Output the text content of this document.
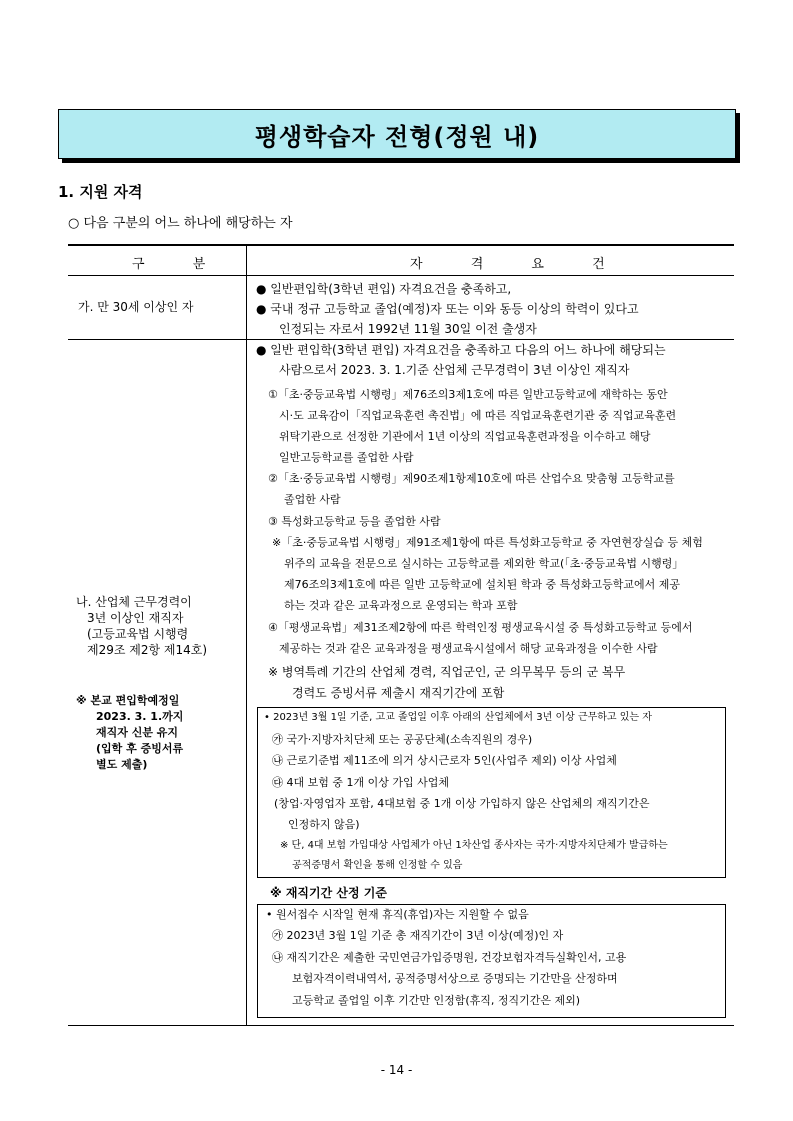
평생학습자 전형(정원 내)
1. 지원 자격
○ 다음 구분의 어느 하나에 해당하는 자
구 분	자 격 요 건
가. 만 30세 이상인 자
● 일반편입학(3학년 편입) 자격요건을 충족하고,
● 국내 정규 고등학교 졸업(예정)자 또는 이와 동등 이상의 학력이 있다고
인정되는 자로서 1992년 11월 30일 이전 출생자
나. 산업체 근무경력이
3년 이상인 재직자
(고등교육법 시행령
제29조 제2항 제14호)
※ 본교 편입학예정일
2023. 3. 1.까지
재직자 신분 유지
(입학 후 증빙서류
별도 제출)
● 일반 편입학(3학년 편입) 자격요건을 충족하고 다음의 어느 하나에 해당되는
사람으로서 2023. 3. 1.기준 산업체 근무경력이 3년 이상인 재직자
①「초·중등교육법 시행령」제76조의3제1호에 따른 일반고등학교에 재학하는 동안
시·도 교육감이「직업교육훈련 촉진법」에 따른 직업교육훈련기관 중 직업교육훈련
위탁기관으로 선정한 기관에서 1년 이상의 직업교육훈련과정을 이수하고 해당
일반고등학교를 졸업한 사람
②「초·중등교육법 시행령」제90조제1항제10호에 따른 산업수요 맞춤형 고등학교를
졸업한 사람
③ 특성화고등학교 등을 졸업한 사람
※「초·중등교육법 시행령」제91조제1항에 따른 특성화고등학교 중 자연현장실습 등 체험
위주의 교육을 전문으로 실시하는 고등학교를 제외한 학교(「초·중등교육법 시행령」
제76조의3제1호에 따른 일반 고등학교에 설치된 학과 중 특성화고등학교에서 제공
하는 것과 같은 교육과정으로 운영되는 학과 포함
④「평생교육법」제31조제2항에 따른 학력인정 평생교육시설 중 특성화고등학교 등에서
제공하는 것과 같은 교육과정을 평생교육시설에서 해당 교육과정을 이수한 사람
※ 병역특례 기간의 산업체 경력, 직업군인, 군 의무복무 등의 군 복무
경력도 증빙서류 제출시 재직기간에 포함
• 2023년 3월 1일 기준, 고교 졸업일 이후 아래의 산업체에서 3년 이상 근무하고 있는 자
㉮ 국가·지방자치단체 또는 공공단체(소속직원의 경우)
㉯ 근로기준법 제11조에 의거 상시근로자 5인(사업주 제외) 이상 사업체
㉰ 4대 보험 중 1개 이상 가입 사업체
(창업·자영업자 포함, 4대보험 중 1개 이상 가입하지 않은 산업체의 재직기간은
인정하지 않음)
※ 단, 4대 보험 가입대상 사업체가 아닌 1차산업 종사자는 국가·지방자치단체가 발급하는
공적증명서 확인을 통해 인정할 수 있음
※ 재직기간 산정 기준
• 원서접수 시작일 현재 휴직(휴업)자는 지원할 수 없음
㉮ 2023년 3월 1일 기준 총 재직기간이 3년 이상(예정)인 자
㉯ 재직기간은 제출한 국민연금가입증명원, 건강보험자격득실확인서, 고용
보험자격이력내역서, 공적증명서상으로 증명되는 기간만을 산정하며
고등학교 졸업일 이후 기간만 인정함(휴직, 정직기간은 제외)
- 14 -
